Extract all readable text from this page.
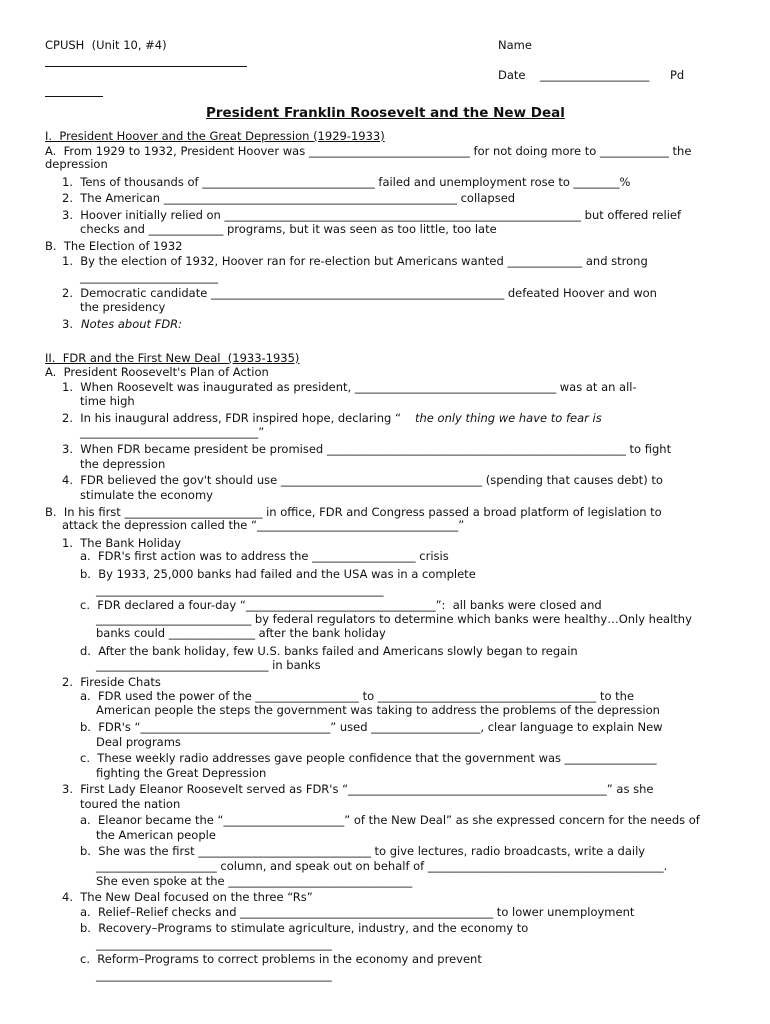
CPUSH  (Unit 10, #4)	Name
Date ___________________ Pd
President Franklin Roosevelt and the New Deal
I.  President Hoover and the Great Depression (1929-1933)
A.  From 1929 to 1932, President Hoover was ____________________________ for not doing more to ____________ the
depression
1.  Tens of thousands of ______________________________ failed and unemployment rose to ________%
2.  The American ___________________________________________________ collapsed
3.  Hoover initially relied on ______________________________________________________________ but offered relief
checks and _____________ programs, but it was seen as too little, too late
B.  The Election of 1932
1.  By the election of 1932, Hoover ran for re-election but Americans wanted _____________ and strong
________________________
2.  Democratic candidate ___________________________________________________ defeated Hoover and won
the presidency
3. Notes about FDR:
II.  FDR and the First New Deal  (1933-1935)
A.  President Roosevelt's Plan of Action
1.  When Roosevelt was inaugurated as president, ___________________________________ was at an all-
time high
2.  In his inaugural address, FDR inspired hope, declaring “ the only thing we have to fear is
_______________________________”
3.  When FDR became president be promised ____________________________________________________ to fight
the depression
4.  FDR believed the gov't should use ___________________________________ (spending that causes debt) to
stimulate the economy
B.  In his first ________________________ in office, FDR and Congress passed a broad platform of legislation to
attack the depression called the “___________________________________”
1.  The Bank Holiday
a.  FDR's first action was to address the __________________ crisis
b.  By 1933, 25,000 banks had failed and the USA was in a complete
__________________________________________________
c.  FDR declared a four-day “_________________________________”:  all banks were closed and
___________________________ by federal regulators to determine which banks were healthy…Only healthy
banks could _______________ after the bank holiday
d.  After the bank holiday, few U.S. banks failed and Americans slowly began to regain
______________________________ in banks
2.  Fireside Chats
a.  FDR used the power of the __________________ to ______________________________________ to the
American people the steps the government was taking to address the problems of the depression
b.  FDR's “_________________________________” used ___________________, clear language to explain New
Deal programs
c.  These weekly radio addresses gave people confidence that the government was ________________
fighting the Great Depression
3.  First Lady Eleanor Roosevelt served as FDR's “_____________________________________________” as she
toured the nation
a.  Eleanor became the “_____________________” of the New Deal” as she expressed concern for the needs of
the American people
b.  She was the first ______________________________ to give lectures, radio broadcasts, write a daily
_____________________ column, and speak out on behalf of _________________________________________.
She even spoke at the ________________________________
4.  The New Deal focused on the three “Rs”
a.  Relief–Relief checks and ____________________________________________ to lower unemployment
b.  Recovery–Programs to stimulate agriculture, industry, and the economy to
_________________________________________
c.  Reform–Programs to correct problems in the economy and prevent
_________________________________________
